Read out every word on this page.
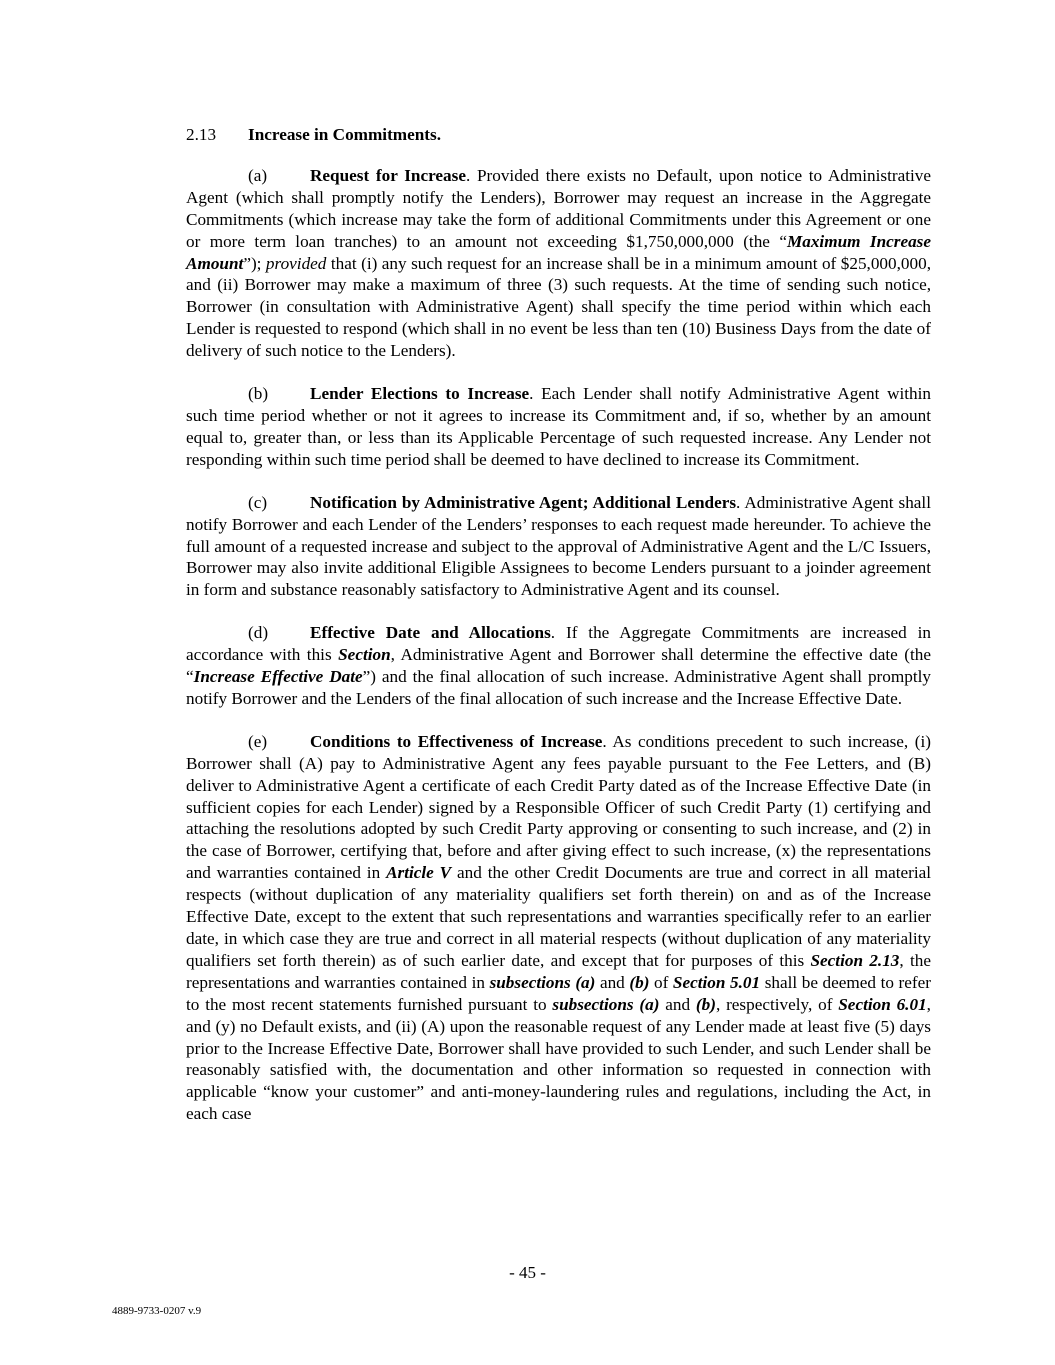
2.13 Increase in Commitments.

(a) Request for Increase. Provided there exists no Default, upon notice to Administrative Agent (which shall promptly notify the Lenders), Borrower may request an increase in the Aggregate Commitments (which increase may take the form of additional Commitments under this Agreement or one or more term loan tranches) to an amount not exceeding $1,750,000,000 (the “Maximum Increase Amount”); provided that (i) any such request for an increase shall be in a minimum amount of $25,000,000, and (ii) Borrower may make a maximum of three (3) such requests. At the time of sending such notice, Borrower (in consultation with Administrative Agent) shall specify the time period within which each Lender is requested to respond (which shall in no event be less than ten (10) Business Days from the date of delivery of such notice to the Lenders).

(b) Lender Elections to Increase. Each Lender shall notify Administrative Agent within such time period whether or not it agrees to increase its Commitment and, if so, whether by an amount equal to, greater than, or less than its Applicable Percentage of such requested increase. Any Lender not responding within such time period shall be deemed to have declined to increase its Commitment.

(c) Notification by Administrative Agent; Additional Lenders. Administrative Agent shall notify Borrower and each Lender of the Lenders’ responses to each request made hereunder. To achieve the full amount of a requested increase and subject to the approval of Administrative Agent and the L/C Issuers, Borrower may also invite additional Eligible Assignees to become Lenders pursuant to a joinder agreement in form and substance reasonably satisfactory to Administrative Agent and its counsel.

(d) Effective Date and Allocations. If the Aggregate Commitments are increased in accordance with this Section, Administrative Agent and Borrower shall determine the effective date (the “Increase Effective Date”) and the final allocation of such increase. Administrative Agent shall promptly notify Borrower and the Lenders of the final allocation of such increase and the Increase Effective Date.

(e) Conditions to Effectiveness of Increase. As conditions precedent to such increase, (i) Borrower shall (A) pay to Administrative Agent any fees payable pursuant to the Fee Letters, and (B) deliver to Administrative Agent a certificate of each Credit Party dated as of the Increase Effective Date (in sufficient copies for each Lender) signed by a Responsible Officer of such Credit Party (1) certifying and attaching the resolutions adopted by such Credit Party approving or consenting to such increase, and (2) in the case of Borrower, certifying that, before and after giving effect to such increase, (x) the representations and warranties contained in Article V and the other Credit Documents are true and correct in all material respects (without duplication of any materiality qualifiers set forth therein) on and as of the Increase Effective Date, except to the extent that such representations and warranties specifically refer to an earlier date, in which case they are true and correct in all material respects (without duplication of any materiality qualifiers set forth therein) as of such earlier date, and except that for purposes of this Section 2.13, the representations and warranties contained in subsections (a) and (b) of Section 5.01 shall be deemed to refer to the most recent statements furnished pursuant to subsections (a) and (b), respectively, of Section 6.01, and (y) no Default exists, and (ii) (A) upon the reasonable request of any Lender made at least five (5) days prior to the Increase Effective Date, Borrower shall have provided to such Lender, and such Lender shall be reasonably satisfied with, the documentation and other information so requested in connection with applicable “know your customer” and anti-money-laundering rules and regulations, including the Act, in each case

- 45 -
4889-9733-0207 v.9
